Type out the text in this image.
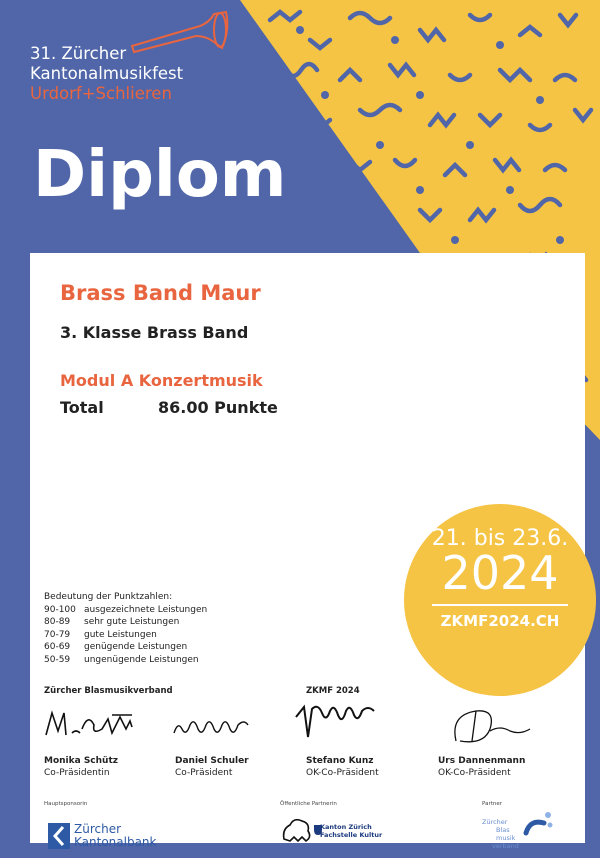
31. Zürcher
Kantonalmusikfest
Urdorf+Schlieren
Diplom
Brass Band Maur
3. Klasse Brass Band
Modul A Konzertmusik
Total	86.00 Punkte
Bedeutung der Punktzahlen:
90-100 ausgezeichnete Leistungen
80-89 sehr gute Leistungen
70-79 gute Leistungen
60-69 genügende Leistungen
50-59 ungenügende Leistungen
Zürcher Blasmusikverband	ZKMF 2024
Monika Schütz
Co-Präsidentin
Daniel Schuler
Co-Präsident
Stefano Kunz
OK-Co-Präsident
Urs Dannenmann
OK-Co-Präsident
Hauptsponsorin	Öffentliche Partnerin	Partner
Zürcher
Kantonalbank
Kanton Zürich
Fachstelle Kultur
Zürcher
Blas
musik
verband
21. bis 23.6.
2024
ZKMF2024.CH
